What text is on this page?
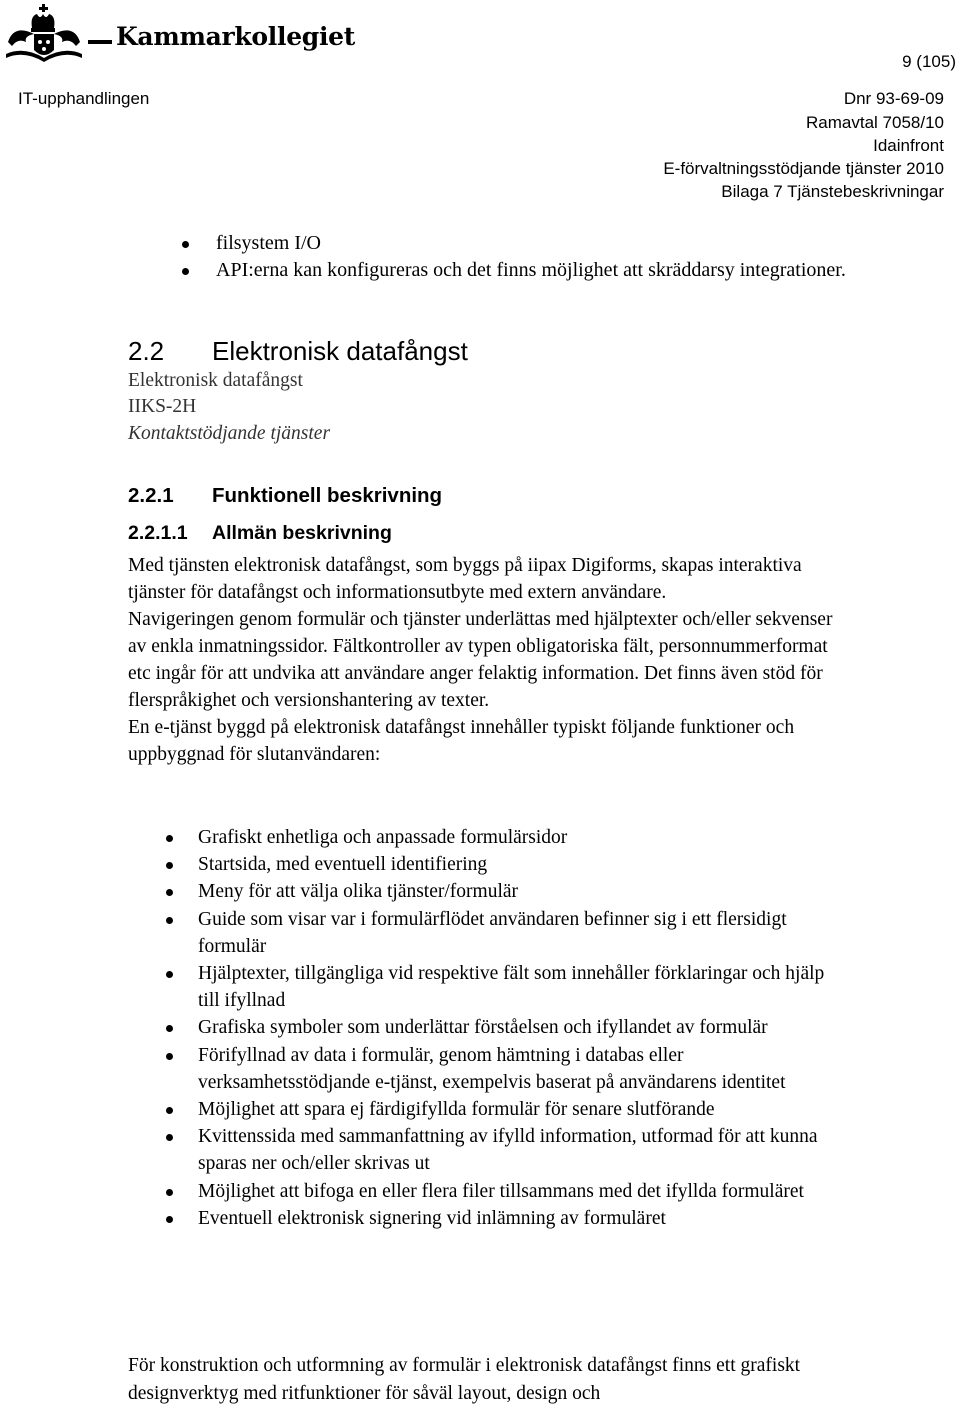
Kammarkollegiet
9 (105)
IT-upphandlingen	Dnr 93-69-09
Ramavtal 7058/10
Idainfront
E-förvaltningsstödjande tjänster 2010
Bilaga 7 Tjänstebeskrivningar
filsystem I/O
API:erna kan konfigureras och det finns möjlighet att skräddarsy integrationer.
2.2 Elektronisk datafångst
Elektronisk datafångst
IIKS-2H
Kontaktstödjande tjänster
2.2.1 Funktionell beskrivning
2.2.1.1 Allmän beskrivning

Med tjänsten elektronisk datafångst, som byggs på iipax Digiforms, skapas interaktiva tjänster för datafångst och informationsutbyte med extern användare.

Navigeringen genom formulär och tjänster underlättas med hjälptexter och/eller sekvenser av enkla inmatningssidor. Fältkontroller av typen obligatoriska fält, personnummerformat etc ingår för att undvika att användare anger felaktig information. Det finns även stöd för flerspråkighet och versionshantering av texter.

En e-tjänst byggd på elektronisk datafångst innehåller typiskt följande funktioner och uppbyggnad för slutanvändaren:

Grafiskt enhetliga och anpassade formulärsidor
Startsida, med eventuell identifiering
Meny för att välja olika tjänster/formulär
Guide som visar var i formulärflödet användaren befinner sig i ett flersidigt formulär
Hjälptexter, tillgängliga vid respektive fält som innehåller förklaringar och hjälp till ifyllnad
Grafiska symboler som underlättar förståelsen och ifyllandet av formulär
Förifyllnad av data i formulär, genom hämtning i databas eller verksamhetsstödjande e-tjänst, exempelvis baserat på användarens identitet
Möjlighet att spara ej färdigifyllda formulär för senare slutförande
Kvittenssida med sammanfattning av ifylld information, utformad för att kunna sparas ner och/eller skrivas ut
Möjlighet att bifoga en eller flera filer tillsammans med det ifyllda formuläret
Eventuell elektronisk signering vid inlämning av formuläret

För konstruktion och utformning av formulär i elektronisk datafångst finns ett grafiskt designverktyg med ritfunktioner för såväl layout, design och
